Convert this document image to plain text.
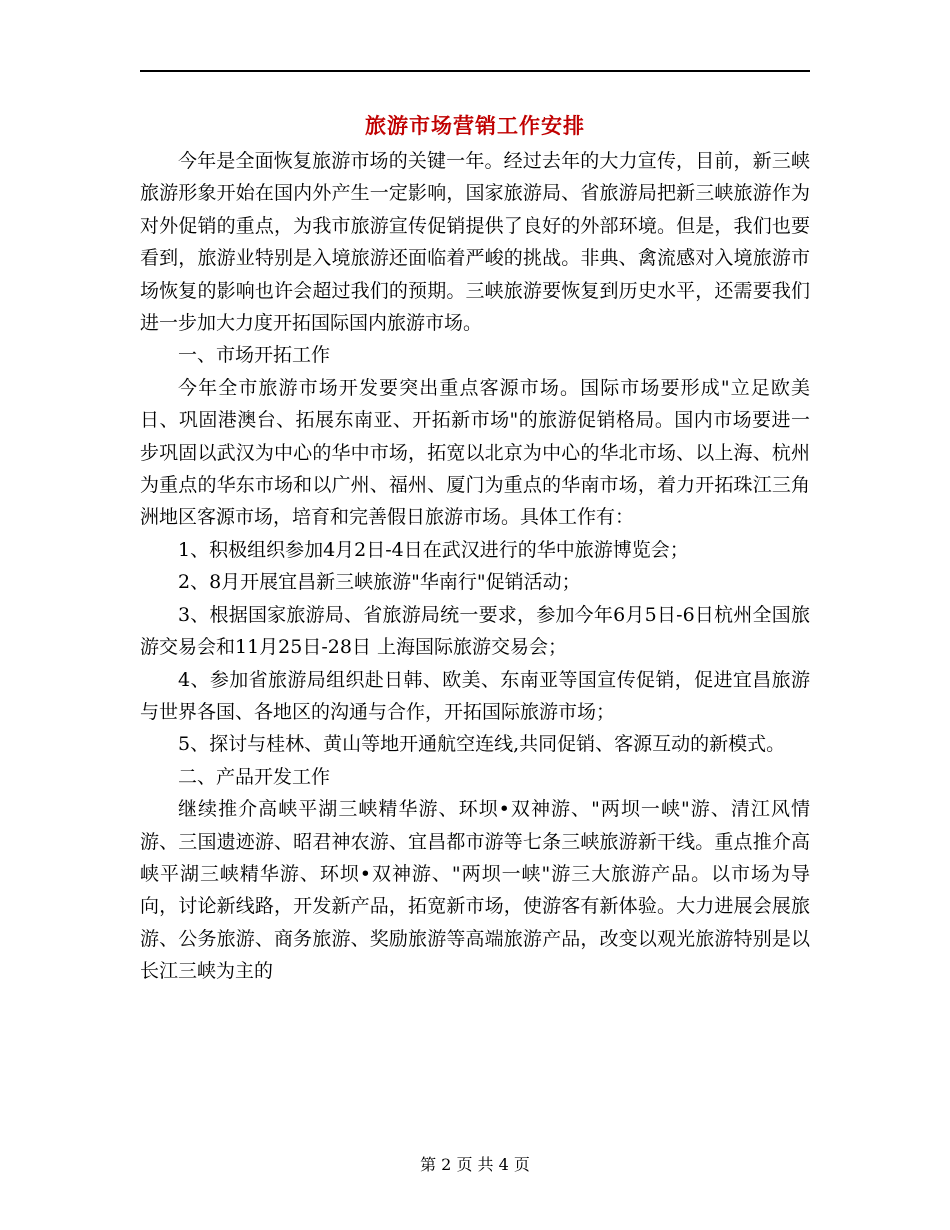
旅游市场营销工作安排

今年是全面恢复旅游市场的关键一年。经过去年的大力宣传，目前，新三峡旅游形象开始在国内外产生一定影响，国家旅游局、省旅游局把新三峡旅游作为对外促销的重点，为我市旅游宣传促销提供了良好的外部环境。但是，我们也要看到，旅游业特别是入境旅游还面临着严峻的挑战。非典、禽流感对入境旅游市场恢复的影响也许会超过我们的预期。三峡旅游要恢复到历史水平，还需要我们进一步加大力度开拓国际国内旅游市场。

一、市场开拓工作

今年全市旅游市场开发要突出重点客源市场。国际市场要形成"立足欧美日、巩固港澳台、拓展东南亚、开拓新市场"的旅游促销格局。国内市场要进一步巩固以武汉为中心的华中市场，拓宽以北京为中心的华北市场、以上海、杭州为重点的华东市场和以广州、福州、厦门为重点的华南市场，着力开拓珠江三角洲地区客源市场，培育和完善假日旅游市场。具体工作有：

1、积极组织参加4月2日-4日在武汉进行的华中旅游博览会；

2、8月开展宜昌新三峡旅游"华南行"促销活动；

3、根据国家旅游局、省旅游局统一要求，参加今年6月5日-6日杭州全国旅游交易会和11月25日-28日 上海国际旅游交易会；

4、参加省旅游局组织赴日韩、欧美、东南亚等国宣传促销，促进宜昌旅游与世界各国、各地区的沟通与合作，开拓国际旅游市场；

5、探讨与桂林、黄山等地开通航空连线,共同促销、客源互动的新模式。

二、产品开发工作

继续推介高峡平湖三峡精华游、环坝•双神游、"两坝一峡"游、清江风情游、三国遗迹游、昭君神农游、宜昌都市游等七条三峡旅游新干线。重点推介高峡平湖三峡精华游、环坝•双神游、"两坝一峡"游三大旅游产品。以市场为导向，讨论新线路，开发新产品，拓宽新市场，使游客有新体验。大力进展会展旅游、公务旅游、商务旅游、奖励旅游等高端旅游产品，改变以观光旅游特别是以长江三峡为主的

第 2 页 共 4 页
